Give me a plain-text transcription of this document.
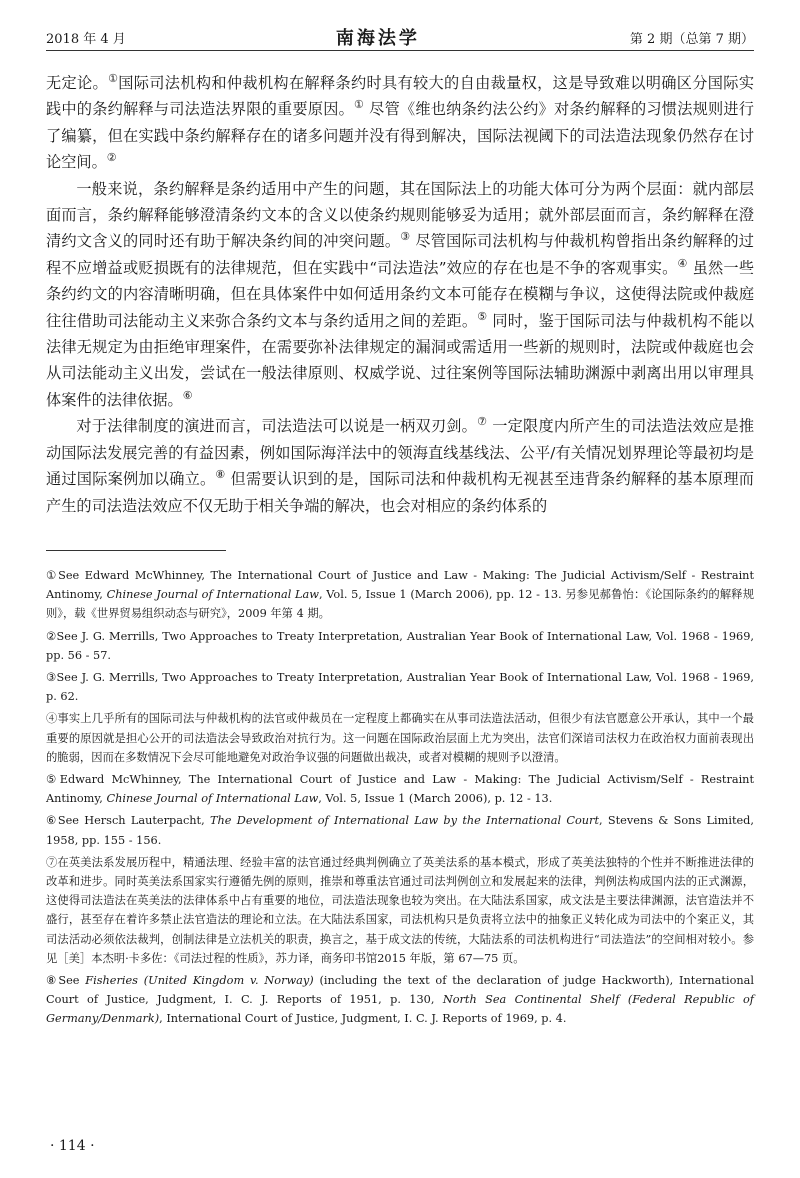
2018 年 4 月	南海法学	第 2 期（总第 7 期）

无定论。①国际司法机构和仲裁机构在解释条约时具有较大的自由裁量权，这是导致难以明确区分国际实践中的条约解释与司法造法界限的重要原因。① 尽管《维也纳条约法公约》对条约解释的习惯法规则进行了编纂，但在实践中条约解释存在的诸多问题并没有得到解决，国际法视阈下的司法造法现象仍然存在讨论空间。②

一般来说，条约解释是条约适用中产生的问题，其在国际法上的功能大体可分为两个层面：就内部层面而言，条约解释能够澄清条约文本的含义以使条约规则能够妥为适用；就外部层面而言，条约解释在澄清约文含义的同时还有助于解决条约间的冲突问题。③ 尽管国际司法机构与仲裁机构曾指出条约解释的过程不应增益或贬损既有的法律规范，但在实践中“司法造法”效应的存在也是不争的客观事实。④ 虽然一些条约约文的内容清晰明确，但在具体案件中如何适用条约文本可能存在模糊与争议，这使得法院或仲裁庭往往借助司法能动主义来弥合条约文本与条约适用之间的差距。⑤ 同时，鉴于国际司法与仲裁机构不能以法律无规定为由拒绝审理案件，在需要弥补法律规定的漏洞或需适用一些新的规则时，法院或仲裁庭也会从司法能动主义出发，尝试在一般法律原则、权威学说、过往案例等国际法辅助渊源中剥离出用以审理具体案件的法律依据。⑥

对于法律制度的演进而言，司法造法可以说是一柄双刃剑。⑦ 一定限度内所产生的司法造法效应是推动国际法发展完善的有益因素，例如国际海洋法中的领海直线基线法、公平/有关情况划界理论等最初均是通过国际案例加以确立。⑧ 但需要认识到的是，国际司法和仲裁机构无视甚至违背条约解释的基本原理而产生的司法造法效应不仅无助于相关争端的解决，也会对相应的条约体系的

①See Edward McWhinney, The International Court of Justice and Law - Making: The Judicial Activism/Self - Restraint Antinomy, Chinese Journal of International Law, Vol. 5, Issue 1 (March 2006), pp. 12 - 13. 另参见郝鲁怡：《论国际条约的解释规则》，载《世界贸易组织动态与研究》，2009 年第 4 期。

②See J. G. Merrills, Two Approaches to Treaty Interpretation, Australian Year Book of International Law, Vol. 1968 - 1969, pp. 56 - 57.

③See J. G. Merrills, Two Approaches to Treaty Interpretation, Australian Year Book of International Law, Vol. 1968 - 1969, p. 62.

④事实上几乎所有的国际司法与仲裁机构的法官或仲裁员在一定程度上都确实在从事司法造法活动，但很少有法官愿意公开承认，其中一个最重要的原因就是担心公开的司法造法会导致政治对抗行为。这一问题在国际政治层面上尤为突出，法官们深谙司法权力在政治权力面前表现出的脆弱，因而在多数情况下会尽可能地避免对政治争议强的问题做出裁决，或者对模糊的规则予以澄清。

⑤Edward McWhinney, The International Court of Justice and Law - Making: The Judicial Activism/Self - Restraint Antinomy, Chinese Journal of International Law, Vol. 5, Issue 1 (March 2006), p. 12 - 13.

⑥See Hersch Lauterpacht, The Development of International Law by the International Court, Stevens & Sons Limited, 1958, pp. 155 - 156.

⑦在英美法系发展历程中，精通法理、经验丰富的法官通过经典判例确立了英美法系的基本模式，形成了英美法独特的个性并不断推进法律的改革和进步。同时英美法系国家实行遵循先例的原则，推崇和尊重法官通过司法判例创立和发展起来的法律，判例法构成国内法的正式渊源，这使得司法造法在英美法的法律体系中占有重要的地位，司法造法现象也较为突出。在大陆法系国家，成文法是主要法律渊源，法官造法并不盛行，甚至存在着许多禁止法官造法的理论和立法。在大陆法系国家，司法机构只是负责将立法中的抽象正义转化成为司法中的个案正义，其司法活动必须依法裁判，创制法律是立法机关的职责，换言之，基于成文法的传统，大陆法系的司法机构进行“司法造法”的空间相对较小。参见［美］本杰明·卡多佐：《司法过程的性质》，苏力译，商务印书馆2015 年版，第 67—75 页。

⑧See Fisheries (United Kingdom v. Norway) (including the text of the declaration of judge Hackworth), International Court of Justice, Judgment, I. C. J. Reports of 1951, p. 130, North Sea Continental Shelf (Federal Republic of Germany/Denmark), International Court of Justice, Judgment, I. C. J. Reports of 1969, p. 4.

· 114 ·
